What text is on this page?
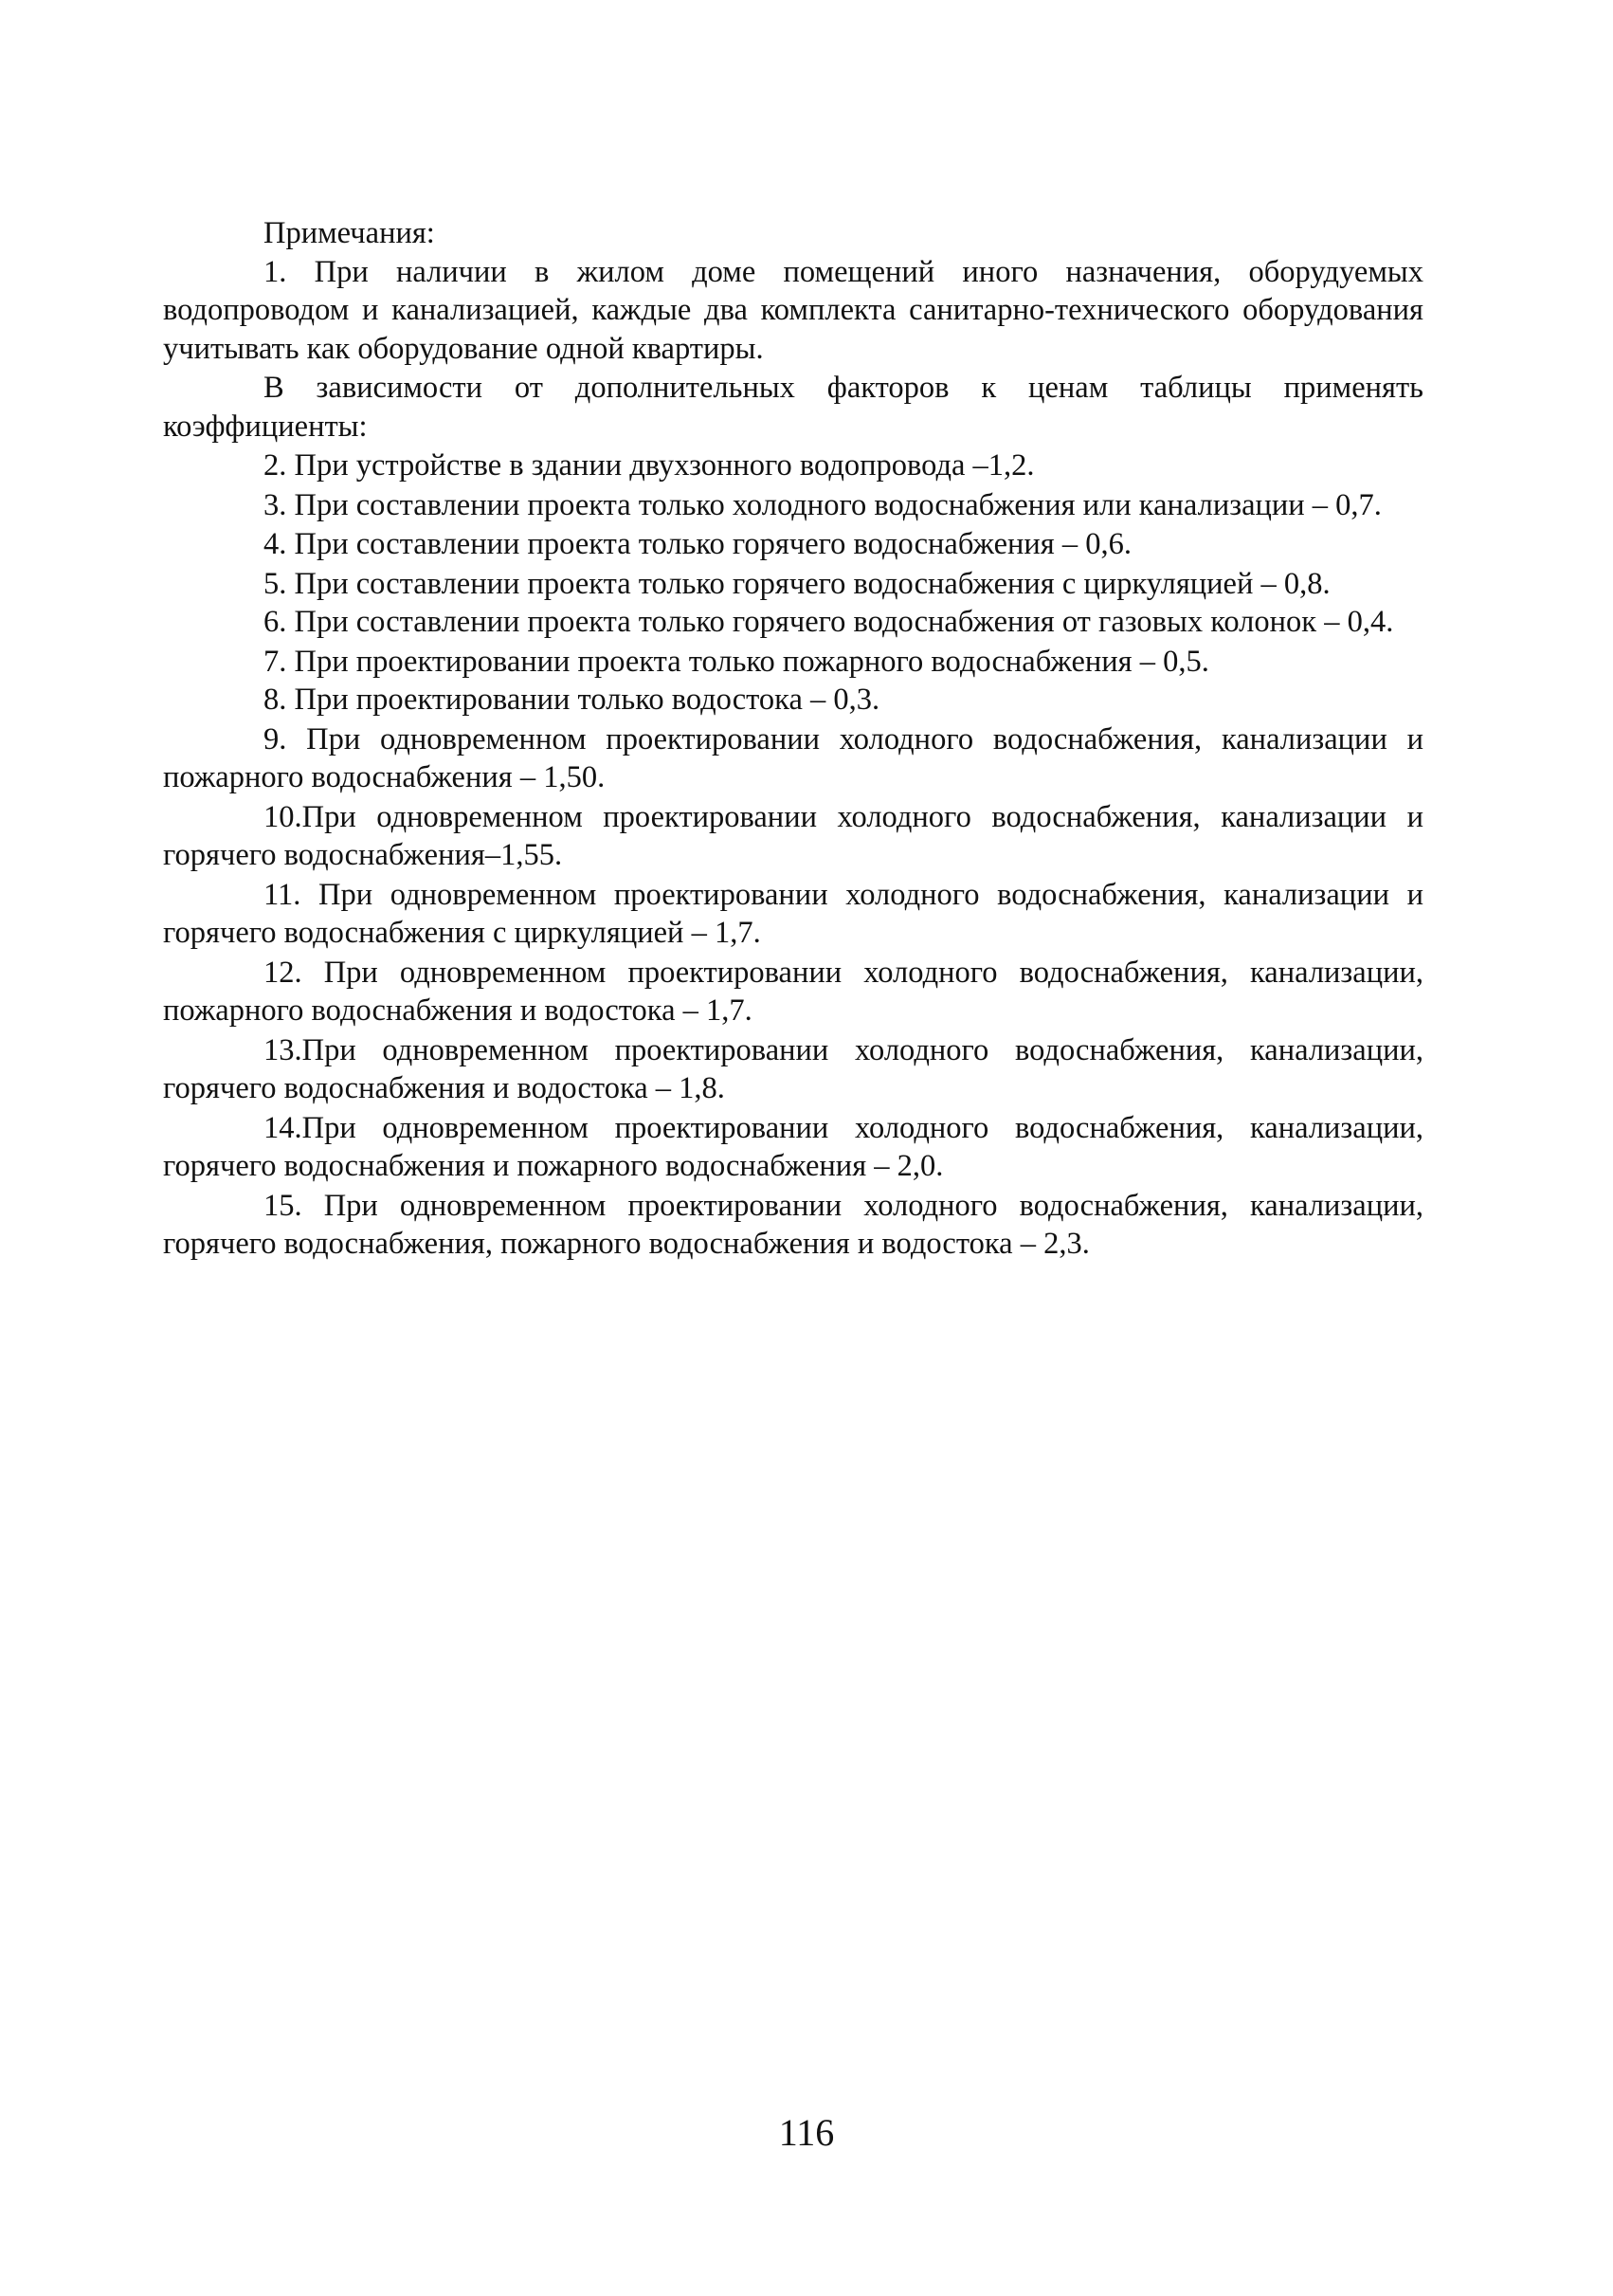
Примечания:

1. При наличии в жилом доме помещений иного назначения, оборудуемых водопроводом и канализацией, каждые два комплекта санитарно-технического оборудования учитывать как оборудование одной квартиры.

В зависимости от дополнительных факторов к ценам таблицы применять коэффициенты:

2. При устройстве в здании двухзонного водопровода –1,2.

3. При составлении проекта только холодного водоснабжения или канализации – 0,7.

4. При составлении проекта только горячего водоснабжения – 0,6.

5. При составлении проекта только горячего водоснабжения с циркуляцией – 0,8.

6. При составлении проекта только горячего водоснабжения от газовых колонок – 0,4.

7. При проектировании проекта только пожарного водоснабжения – 0,5.

8. При проектировании только водостока – 0,3.

9. При одновременном проектировании холодного водоснабжения, канализации и пожарного водоснабжения – 1,50.

10.При одновременном проектировании холодного водоснабжения, канализации и горячего водоснабжения–1,55.

11. При одновременном проектировании холодного водоснабжения, канализации и горячего водоснабжения с циркуляцией – 1,7.

12. При одновременном проектировании холодного водоснабжения, канализации, пожарного водоснабжения и водостока – 1,7.

13.При одновременном проектировании холодного водоснабжения, канализации, горячего водоснабжения и водостока – 1,8.

14.При одновременном проектировании холодного водоснабжения, канализации, горячего водоснабжения и пожарного водоснабжения – 2,0.

15. При одновременном проектировании холодного водоснабжения, канализации, горячего водоснабжения, пожарного водоснабжения и водостока – 2,3.

116
